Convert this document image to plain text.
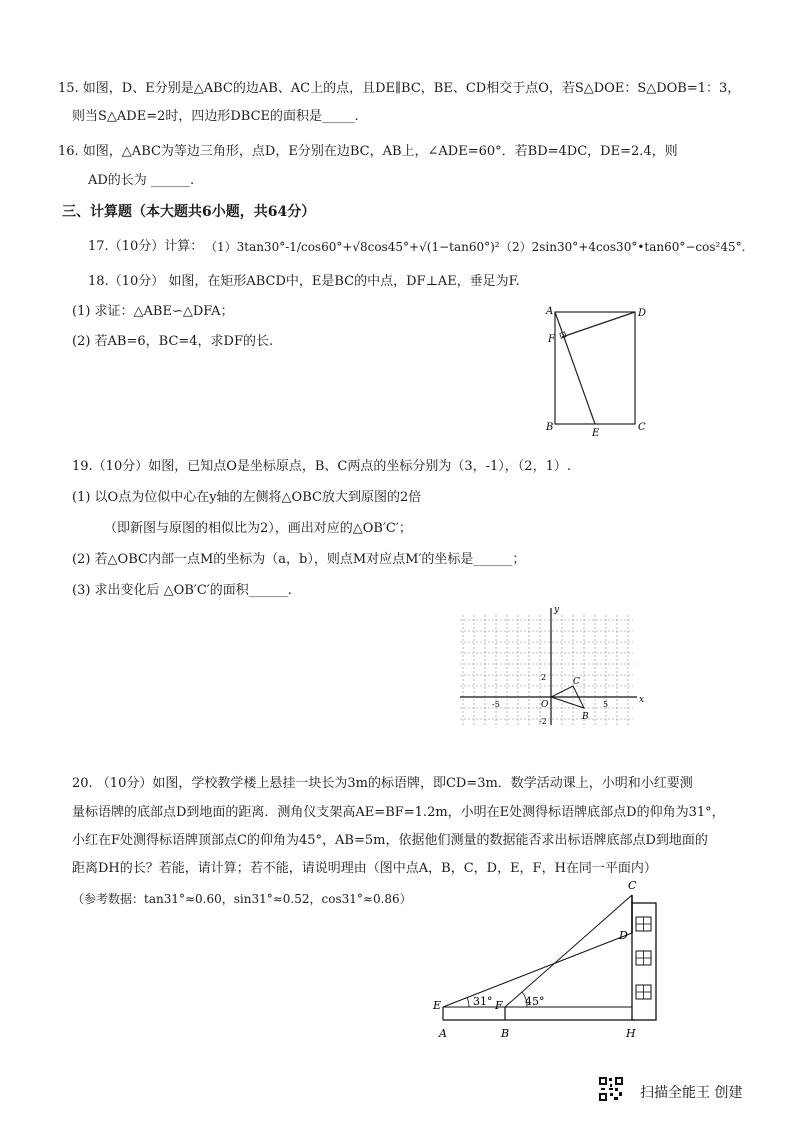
15. 如图，D、E分别是△ABC的边AB、AC上的点，且DE∥BC，BE、CD相交于点O，若S△DOE：S△DOB=1：3，
则当S△ADE=2时，四边形DBCE的面积是_____.
16. 如图，△ABC为等边三角形，点D，E分别在边BC，AB上，∠ADE=60°．若BD=4DC，DE=2.4，则
AD的长为 ______.
三、计算题（本大题共6小题，共64分）
17.（10分）计算： （1）3tan30°-1/cos60°+√8cos45°+√(1−tan60°)² （2）2sin30°+4cos30°•tan60°−cos²45°.
18.（10分） 如图，在矩形ABCD中，E是BC的中点，DF⊥AE，垂足为F.
(1) 求证：△ABE∽△DFA；
(2) 若AB=6，BC=4，求DF的长.
A	D
F
B
E
C
19.（10分）如图，已知点O是坐标原点，B、C两点的坐标分别为（3，-1），（2，1）.
(1) 以O点为位似中心在y轴的左侧将△OBC放大到原图的2倍
（即新图与原图的相似比为2），画出对应的△OB′C′；
(2) 若△OBC内部一点M的坐标为（a，b），则点M对应点M′的坐标是______；
(3) 求出变化后 △OB′C′的面积______.
x
y
O
B
C
2
-2
-5	5
20. （10分）如图，学校教学楼上悬挂一块长为3m的标语牌，即CD=3m．数学活动课上，小明和小红要测
量标语牌的底部点D到地面的距离．测角仪支架高AE=BF=1.2m，小明在E处测得标语牌底部点D的仰角为31°，
小红在F处测得标语牌顶部点C的仰角为45°，AB=5m，依据他们测量的数据能否求出标语牌底部点D到地面的
距离DH的长？若能，请计算；若不能，请说明理由（图中点A，B，C，D，E，F，H在同一平面内）
（参考数据：tan31°≈0.60，sin31°≈0.52，cos31°≈0.86）
31°	45°
E	F
A	B	H
C
D
扫描全能王 创建
